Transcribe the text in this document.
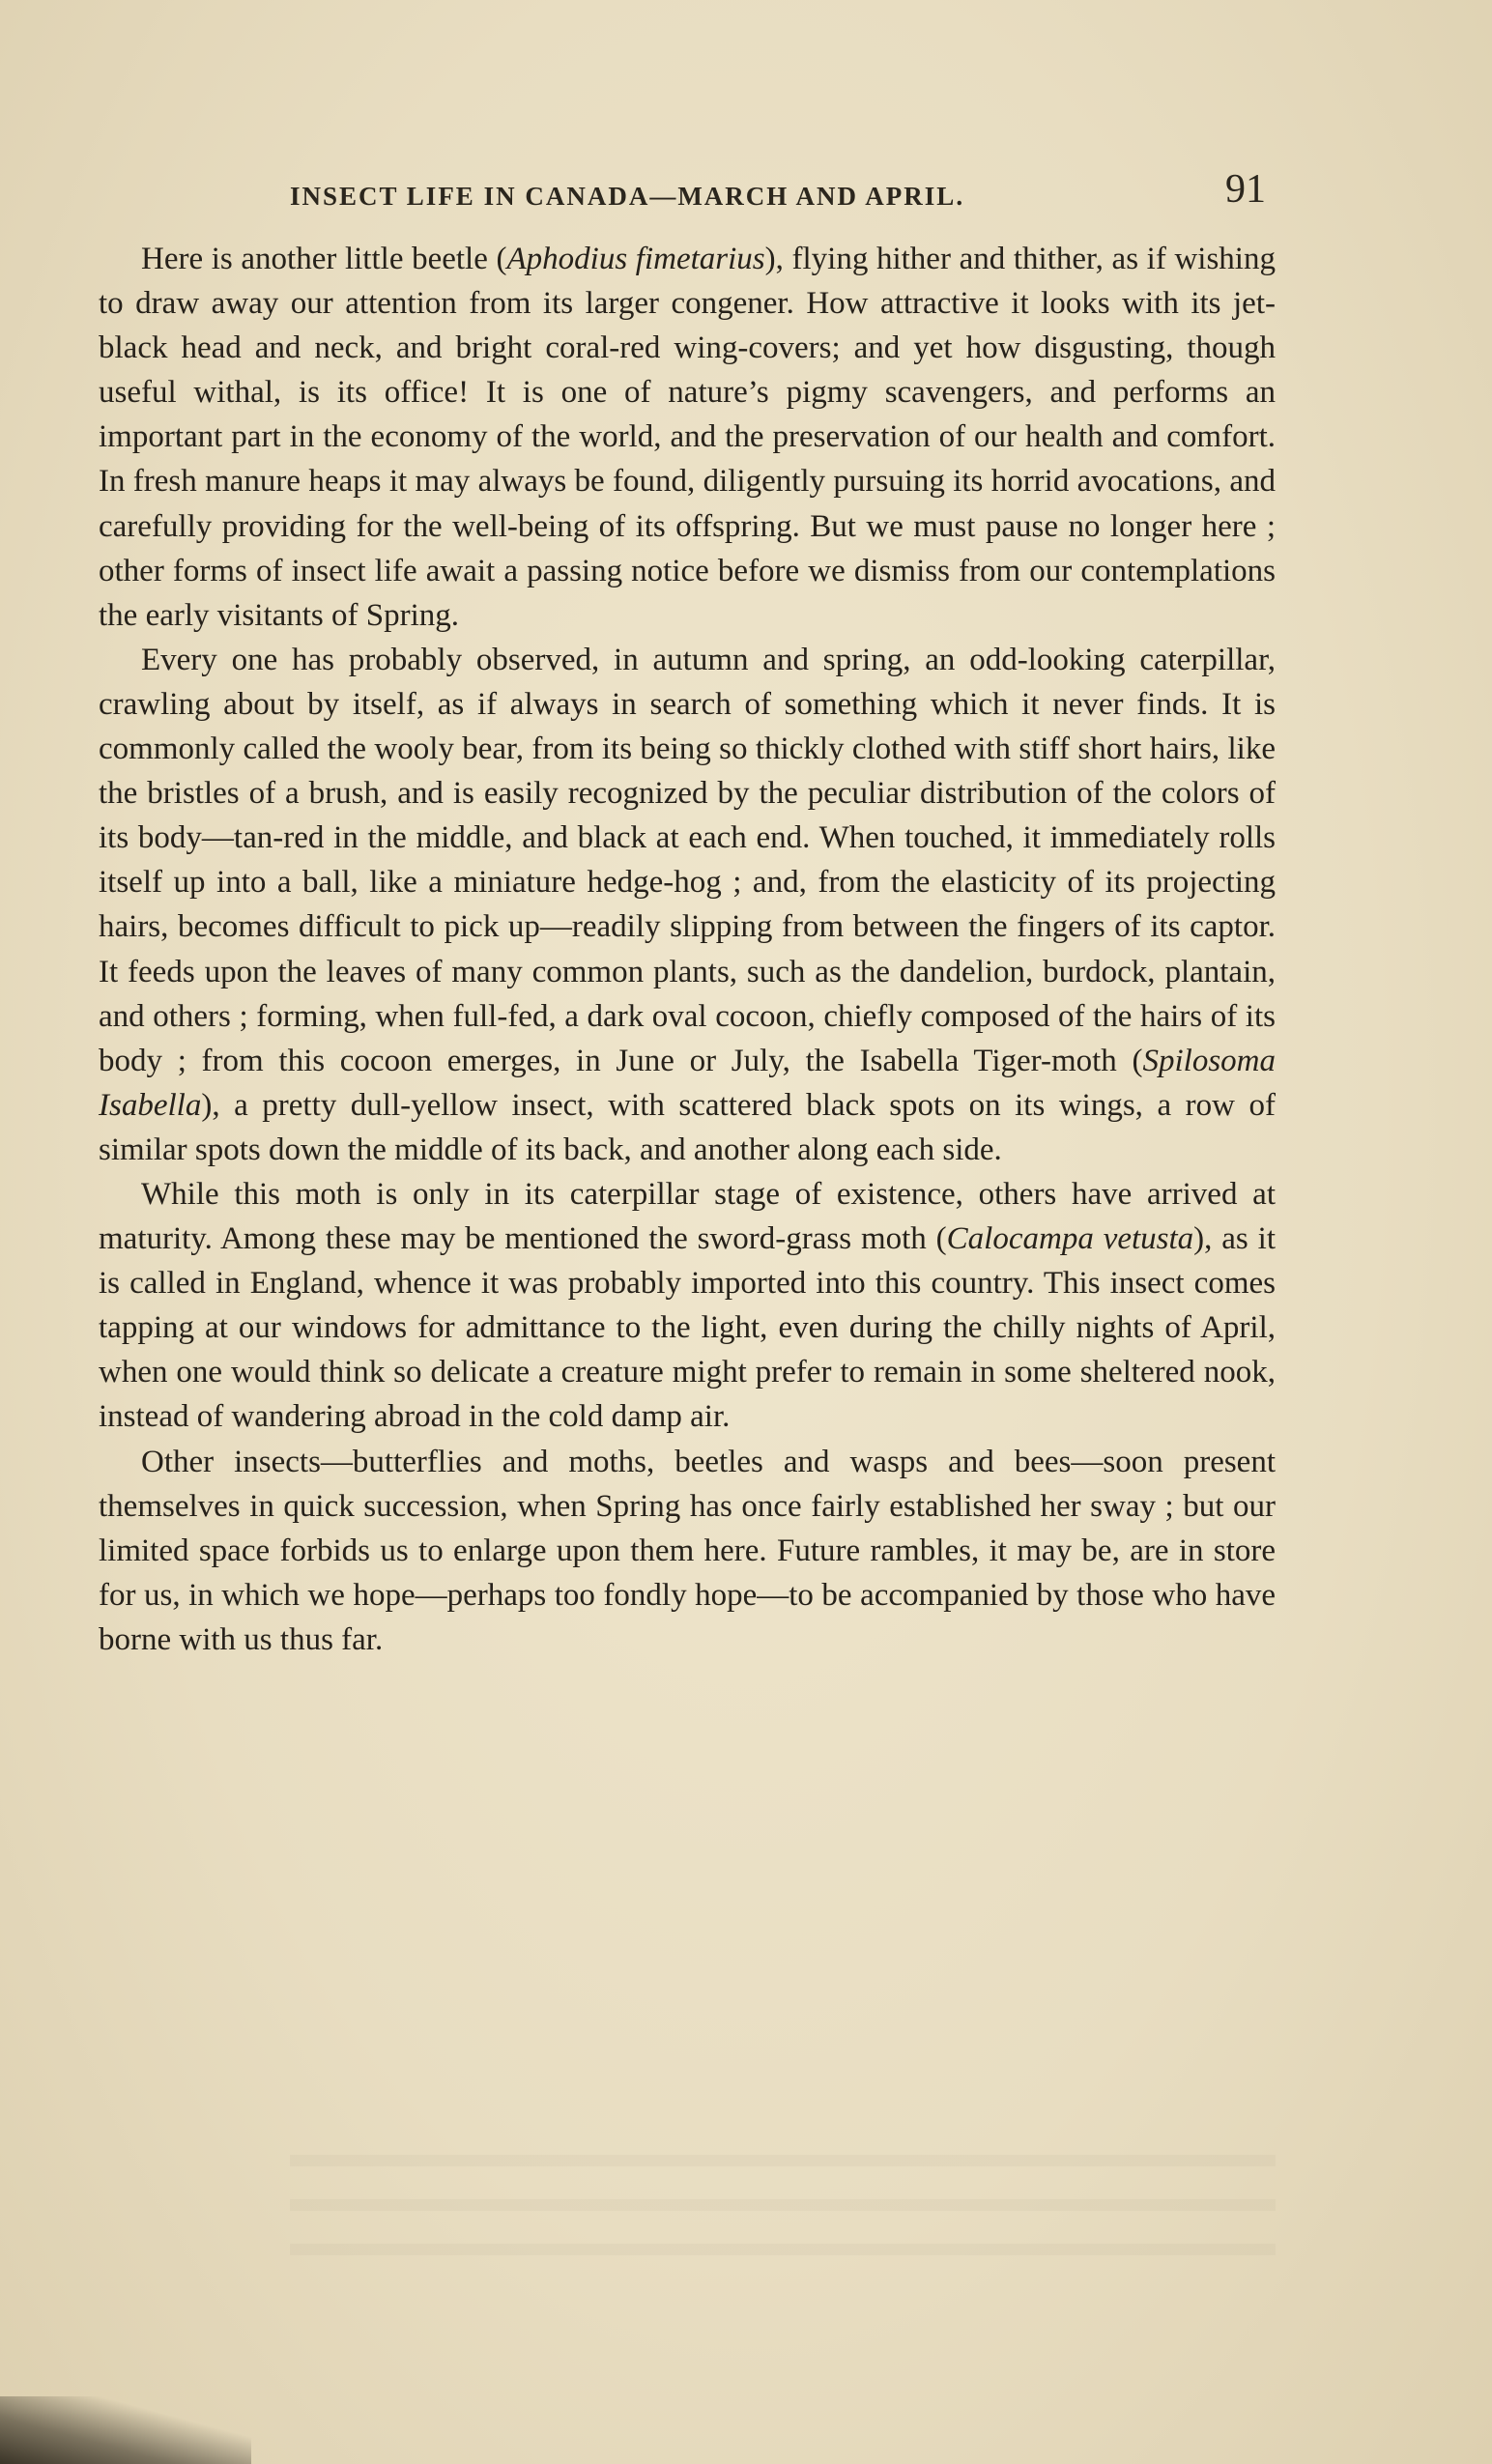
INSECT LIFE IN CANADA—MARCH AND APRIL.	91

Here is another little beetle (Aphodius fimetarius), flying hither and thither, as if wishing to draw away our attention from its larger congener. How attractive it looks with its jet-black head and neck, and bright coral-red wing-covers; and yet how disgusting, though useful withal, is its office! It is one of nature’s pigmy scavengers, and performs an important part in the economy of the world, and the preservation of our health and comfort. In fresh manure heaps it may always be found, diligently pursuing its horrid avocations, and carefully providing for the well-being of its offspring. But we must pause no longer here ; other forms of insect life await a passing notice before we dismiss from our contemplations the early visitants of Spring.

Every one has probably observed, in autumn and spring, an odd-looking caterpillar, crawling about by itself, as if always in search of something which it never finds. It is commonly called the wooly bear, from its being so thickly clothed with stiff short hairs, like the bristles of a brush, and is easily recognized by the peculiar distribution of the colors of its body—tan-red in the middle, and black at each end. When touched, it immediately rolls itself up into a ball, like a miniature hedge-hog ; and, from the elasticity of its projecting hairs, becomes difficult to pick up—readily slipping from between the fingers of its captor. It feeds upon the leaves of many common plants, such as the dandelion, burdock, plantain, and others ; forming, when full-fed, a dark oval cocoon, chiefly composed of the hairs of its body ; from this cocoon emerges, in June or July, the Isabella Tiger-moth (Spilosoma Isabella), a pretty dull-yellow insect, with scattered black spots on its wings, a row of similar spots down the middle of its back, and another along each side.

While this moth is only in its caterpillar stage of existence, others have arrived at maturity. Among these may be mentioned the sword-grass moth (Calocampa vetusta), as it is called in England, whence it was probably imported into this country. This insect comes tapping at our windows for admittance to the light, even during the chilly nights of April, when one would think so delicate a creature might prefer to remain in some sheltered nook, instead of wandering abroad in the cold damp air.

Other insects—butterflies and moths, beetles and wasps and bees—soon present themselves in quick succession, when Spring has once fairly established her sway ; but our limited space forbids us to enlarge upon them here. Future rambles, it may be, are in store for us, in which we hope—perhaps too fondly hope—to be accompanied by those who have borne with us thus far.
